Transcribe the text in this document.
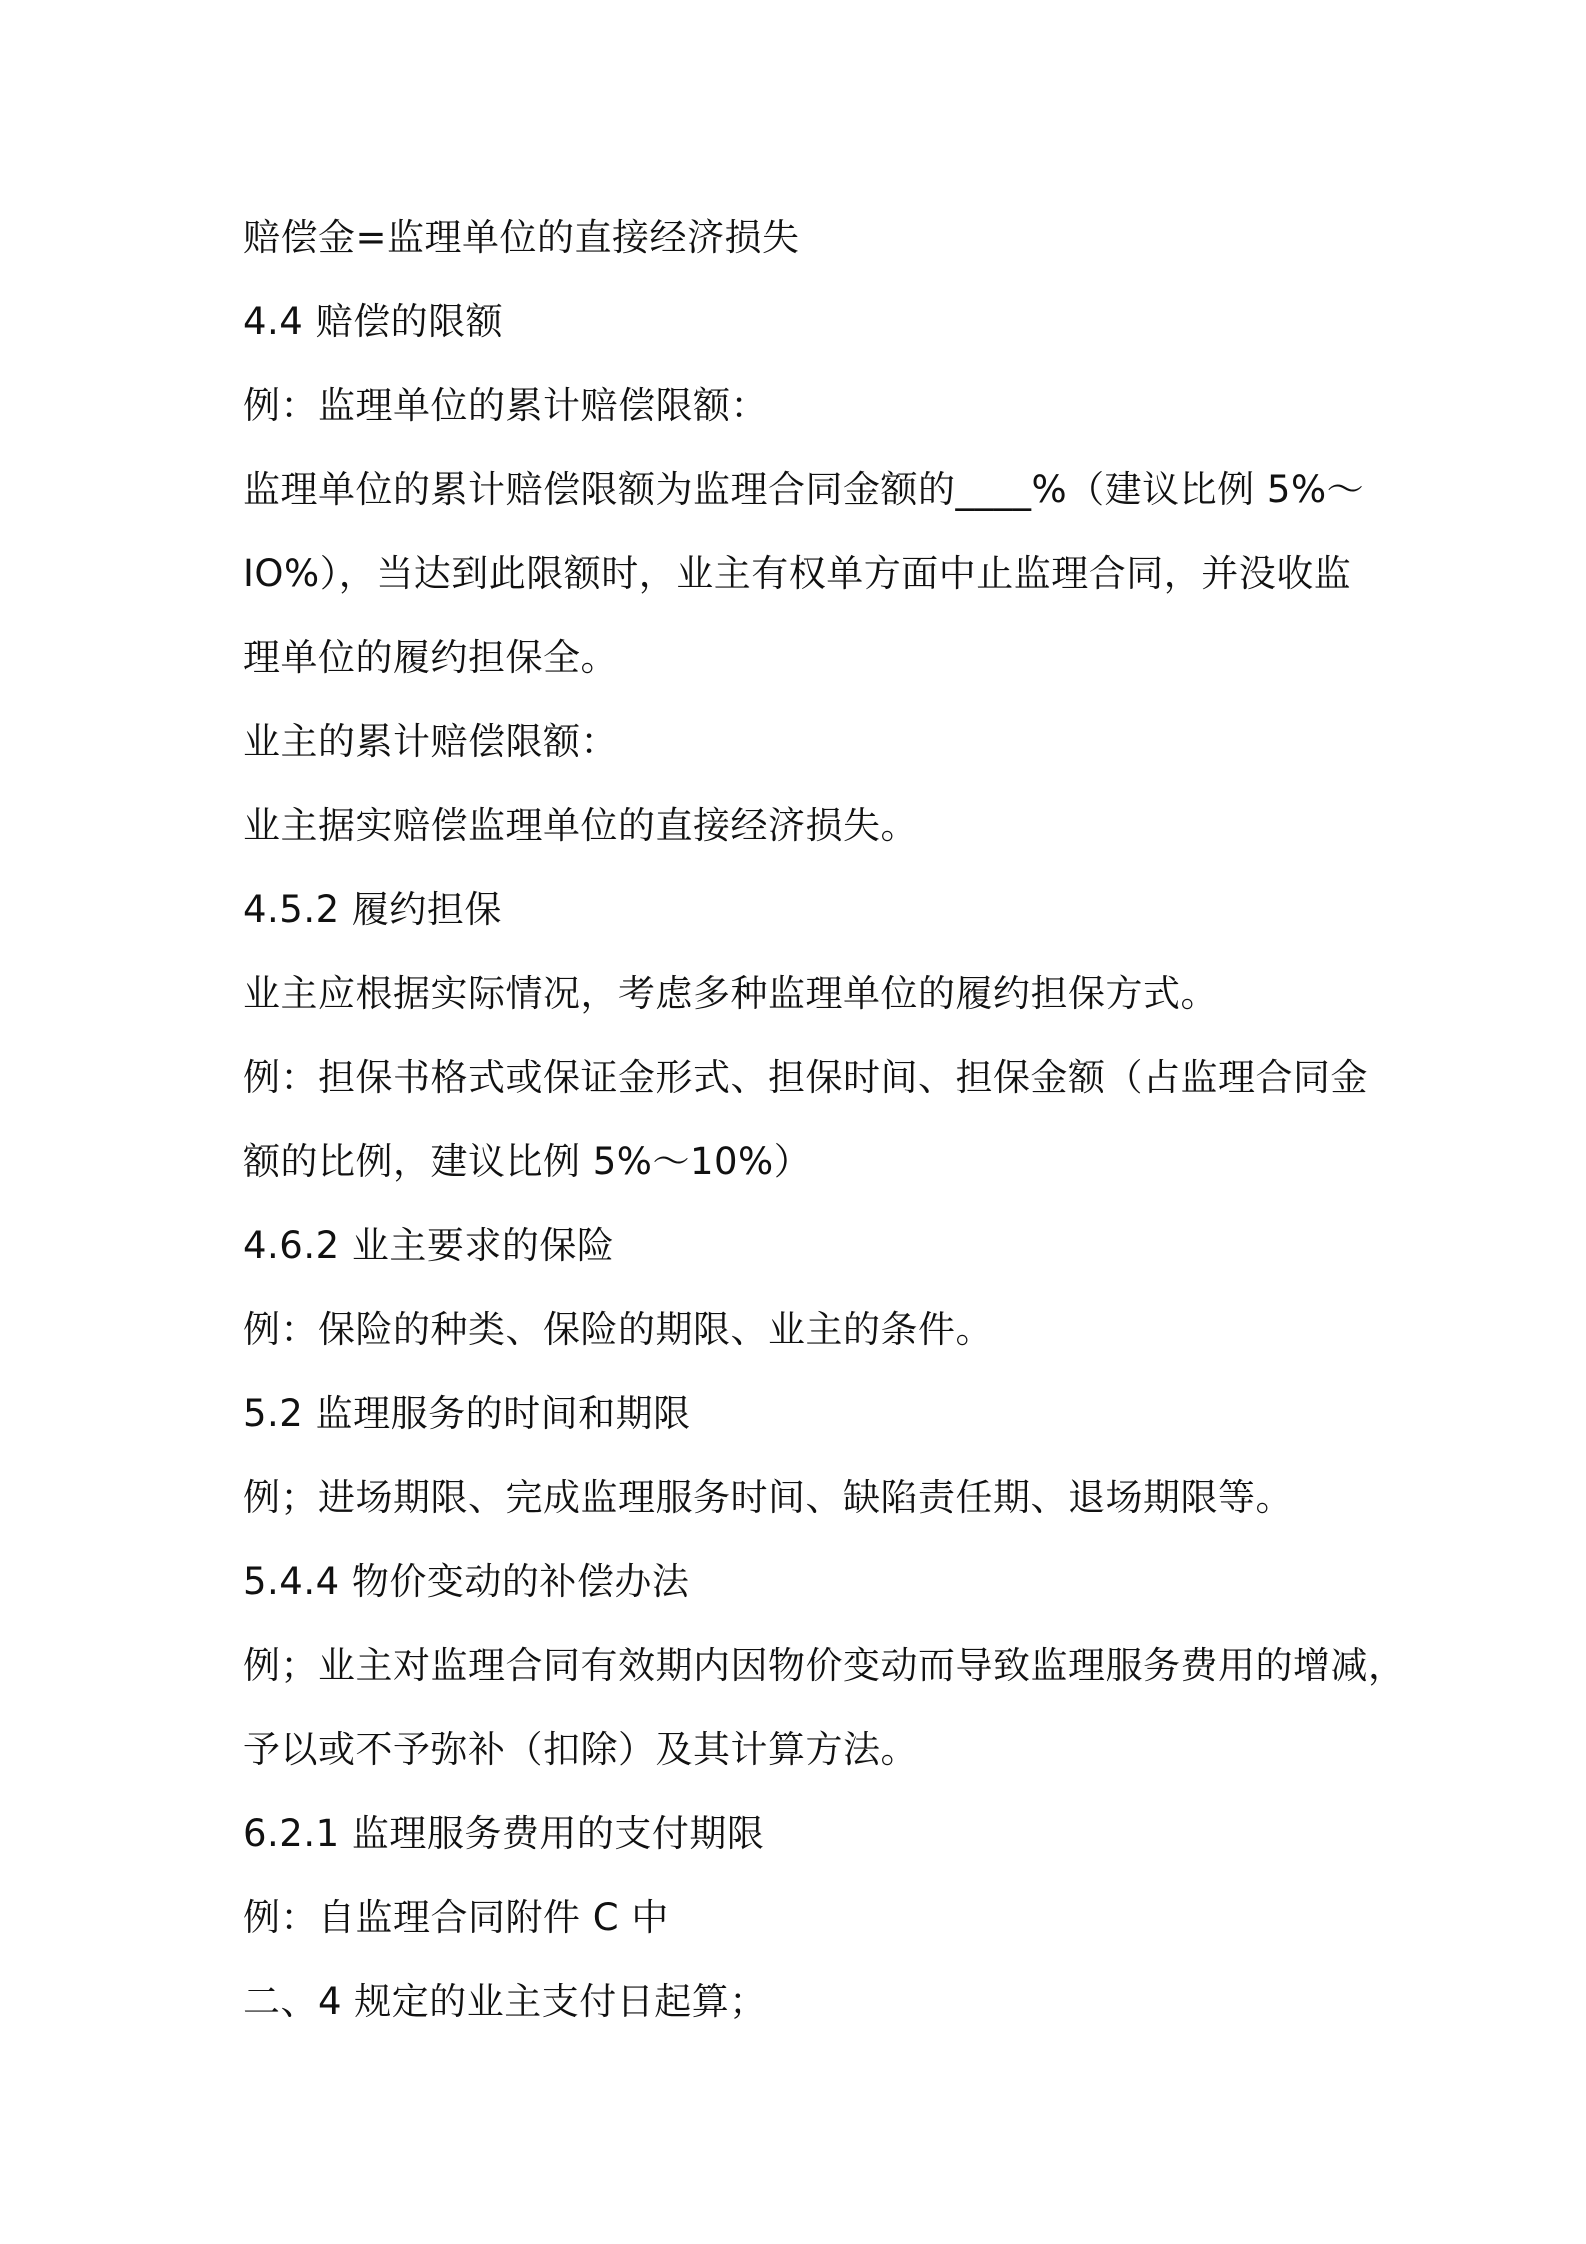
赔偿金=监理单位的直接经济损失

4.4 赔偿的限额

例：监理单位的累计赔偿限额：

监理单位的累计赔偿限额为监理合同金额的____%（建议比例 5%～

IO%），当达到此限额时，业主有权单方面中止监理合同，并没收监

理单位的履约担保全。

业主的累计赔偿限额：

业主据实赔偿监理单位的直接经济损失。

4.5.2 履约担保

业主应根据实际情况，考虑多种监理单位的履约担保方式。

例：担保书格式或保证金形式、担保时间、担保金额（占监理合同金

额的比例，建议比例 5%～10%）

4.6.2 业主要求的保险

例：保险的种类、保险的期限、业主的条件。

5.2 监理服务的时间和期限

例；进场期限、完成监理服务时间、缺陷责任期、退场期限等。

5.4.4 物价变动的补偿办法

例；业主对监理合同有效期内因物价变动而导致监理服务费用的增减，

予以或不予弥补（扣除）及其计算方法。

6.2.1 监理服务费用的支付期限

例：自监理合同附件 C 中

二、4 规定的业主支付日起算；
